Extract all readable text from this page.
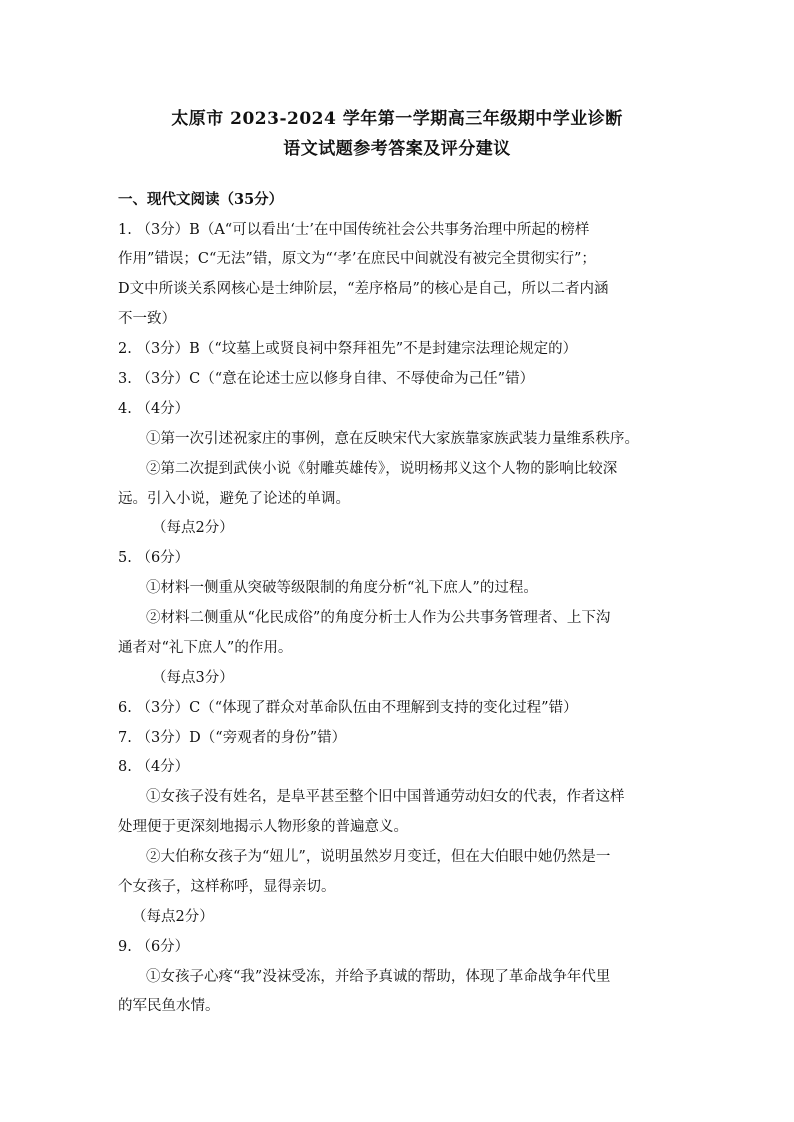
太原市 2023-2024 学年第一学期高三年级期中学业诊断
语文试题参考答案及评分建议
一、现代文阅读（35分）
1. （3分）B（A“可以看出‘士’在中国传统社会公共事务治理中所起的榜样
作用”错误；C“无法”错，原文为“‘孝’在庶民中间就没有被完全贯彻实行”；
D文中所谈关系网核心是士绅阶层，“差序格局”的核心是自己，所以二者内涵
不一致）
2. （3分）B（“坟墓上或贤良祠中祭拜祖先”不是封建宗法理论规定的）
3. （3分）C（“意在论述士应以修身自律、不辱使命为己任”错）
4. （4分）
①第一次引述祝家庄的事例，意在反映宋代大家族靠家族武装力量维系秩序。
②第二次提到武侠小说《射雕英雄传》，说明杨邦义这个人物的影响比较深
远。引入小说，避免了论述的单调。
（每点2分）
5. （6分）
①材料一侧重从突破等级限制的角度分析“礼下庶人”的过程。
②材料二侧重从“化民成俗”的角度分析士人作为公共事务管理者、上下沟
通者对“礼下庶人”的作用。
（每点3分）
6. （3分）C（“体现了群众对革命队伍由不理解到支持的变化过程”错）
7. （3分）D（“旁观者的身份”错）
8. （4分）
①女孩子没有姓名，是阜平甚至整个旧中国普通劳动妇女的代表，作者这样
处理便于更深刻地揭示人物形象的普遍意义。
②大伯称女孩子为“妞儿”，说明虽然岁月变迁，但在大伯眼中她仍然是一
个女孩子，这样称呼，显得亲切。
（每点2分）
9. （6分）
①女孩子心疼“我”没袜受冻，并给予真诚的帮助，体现了革命战争年代里
的军民鱼水情。
